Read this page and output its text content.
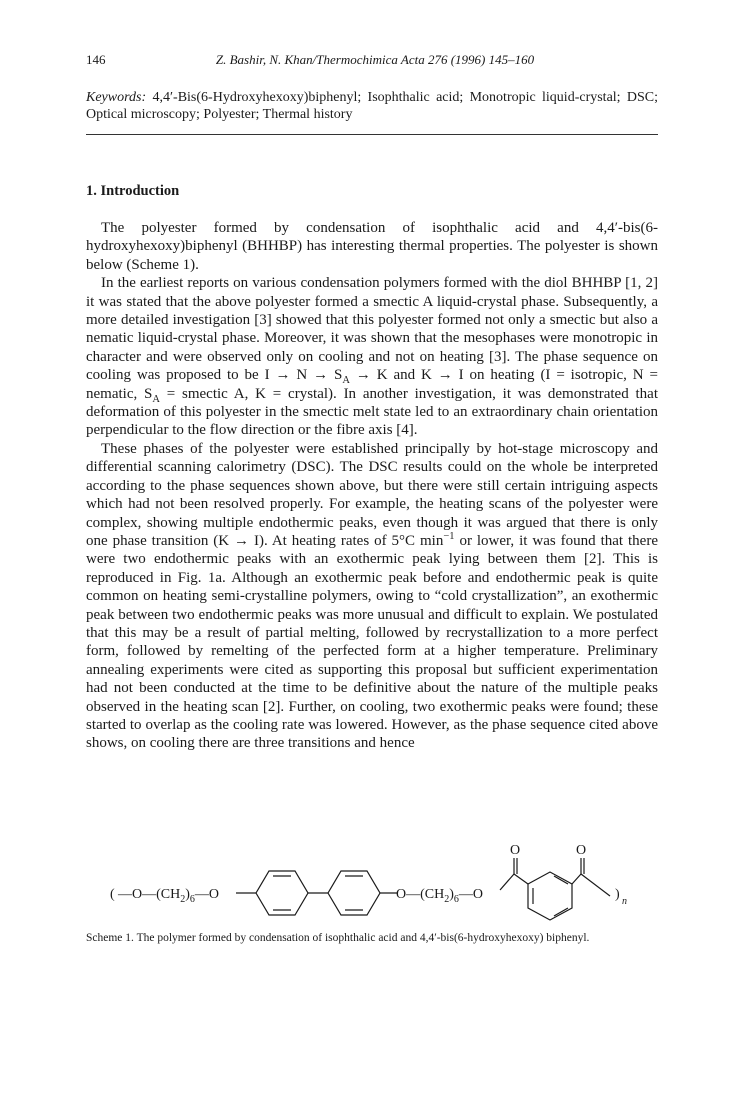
146	Z. Bashir, N. Khan/Thermochimica Acta 276 (1996) 145–160
Keywords: 4,4′-Bis(6-Hydroxyhexoxy)biphenyl; Isophthalic acid; Monotropic liquid-crystal; DSC; Optical microscopy; Polyester; Thermal history
1. Introduction

The polyester formed by condensation of isophthalic acid and 4,4′-bis(6-hydroxyhexoxy)biphenyl (BHHBP) has interesting thermal properties. The polyester is shown below (Scheme 1).

In the earliest reports on various condensation polymers formed with the diol BHHBP [1, 2] it was stated that the above polyester formed a smectic A liquid-crystal phase. Subsequently, a more detailed investigation [3] showed that this polyester formed not only a smectic but also a nematic liquid-crystal phase. Moreover, it was shown that the mesophases were monotropic in character and were observed only on cooling and not on heating [3]. The phase sequence on cooling was proposed to be $I \to N \to S_A \to K$ and K → I on heating (I = isotropic, N = nematic, $S_A$ = smectic A, K = crystal). In another investigation, it was demonstrated that deformation of this polyester in the smectic melt state led to an extraordinary chain orientation perpendicular to the flow direction or the fibre axis [4].

These phases of the polyester were established principally by hot-stage microscopy and differential scanning calorimetry (DSC). The DSC results could on the whole be interpreted according to the phase sequences shown above, but there were still certain intriguing aspects which had not been resolved properly. For example, the heating scans of the polyester were complex, showing multiple endothermic peaks, even though it was argued that there is only one phase transition (K → I). At heating rates of 5°C $\min^{-1}$ or lower, it was found that there were two endothermic peaks with an exothermic peak lying between them [2]. This is reproduced in Fig. 1a. Although an exothermic peak before and endothermic peak is quite common on heating semi-crystalline polymers, owing to “cold crystallization”, an exothermic peak between two endothermic peaks was more unusual and difficult to explain. We postulated that this may be a result of partial melting, followed by recrystallization to a more perfect form, followed by remelting of the perfected form at a higher temperature. Preliminary annealing experiments were cited as supporting this proposal but sufficient experimentation had not been conducted at the time to be definitive about the nature of the multiple peaks observed in the heating scan [2]. Further, on cooling, two exothermic peaks were found; these started to overlap as the cooling rate was lowered. However, as the phase sequence cited above shows, on cooling there are three transitions and hence

( $—O—(CH_2)_6—O$	$O—(CH_2)_6—O$
O	O
) n
Scheme 1. The polymer formed by condensation of isophthalic acid and 4,4′-bis(6-hydroxyhexoxy) biphenyl.
